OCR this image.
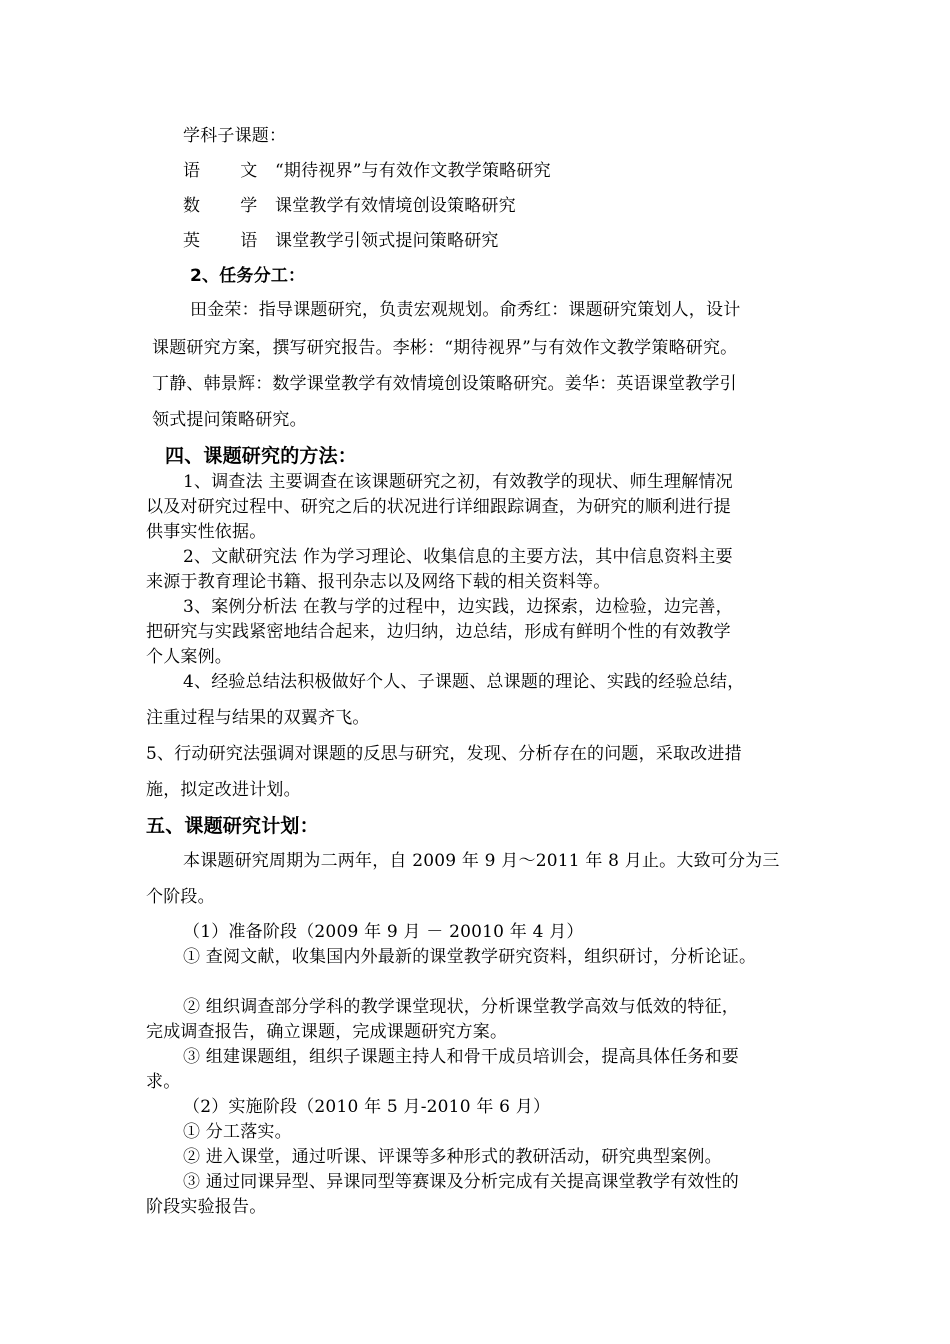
学科子课题：
语 文 “期待视界”与有效作文教学策略研究
数 学 课堂教学有效情境创设策略研究
英 语 课堂教学引领式提问策略研究
2、任务分工：
田金荣：指导课题研究，负责宏观规划。俞秀红：课题研究策划人，设计
课题研究方案，撰写研究报告。李彬：“期待视界”与有效作文教学策略研究。
丁静、韩景辉：数学课堂教学有效情境创设策略研究。姜华：英语课堂教学引
领式提问策略研究。
四、课题研究的方法：
1、调查法 主要调查在该课题研究之初，有效教学的现状、师生理解情况
以及对研究过程中、研究之后的状况进行详细跟踪调查，为研究的顺利进行提
供事实性依据。
2、文献研究法 作为学习理论、收集信息的主要方法，其中信息资料主要
来源于教育理论书籍、报刊杂志以及网络下载的相关资料等。
3、案例分析法 在教与学的过程中，边实践，边探索，边检验，边完善，
把研究与实践紧密地结合起来，边归纳，边总结，形成有鲜明个性的有效教学
个人案例。
4、经验总结法积极做好个人、子课题、总课题的理论、实践的经验总结，
注重过程与结果的双翼齐飞。
5、行动研究法强调对课题的反思与研究，发现、分析存在的问题，采取改进措
施，拟定改进计划。
五、课题研究计划：
本课题研究周期为二两年，自 2009 年 9 月～2011 年 8 月止。大致可分为三
个阶段。
（1）准备阶段（2009 年 9 月 － 20010 年 4 月）
① 查阅文献，收集国内外最新的课堂教学研究资料，组织研讨，分析论证。
② 组织调查部分学科的教学课堂现状，分析课堂教学高效与低效的特征，
完成调查报告，确立课题，完成课题研究方案。
③ 组建课题组，组织子课题主持人和骨干成员培训会，提高具体任务和要
求。
（2）实施阶段（2010 年 5 月-2010 年 6 月）
① 分工落实。
② 进入课堂，通过听课、评课等多种形式的教研活动，研究典型案例。
③ 通过同课异型、异课同型等赛课及分析完成有关提高课堂教学有效性的
阶段实验报告。
